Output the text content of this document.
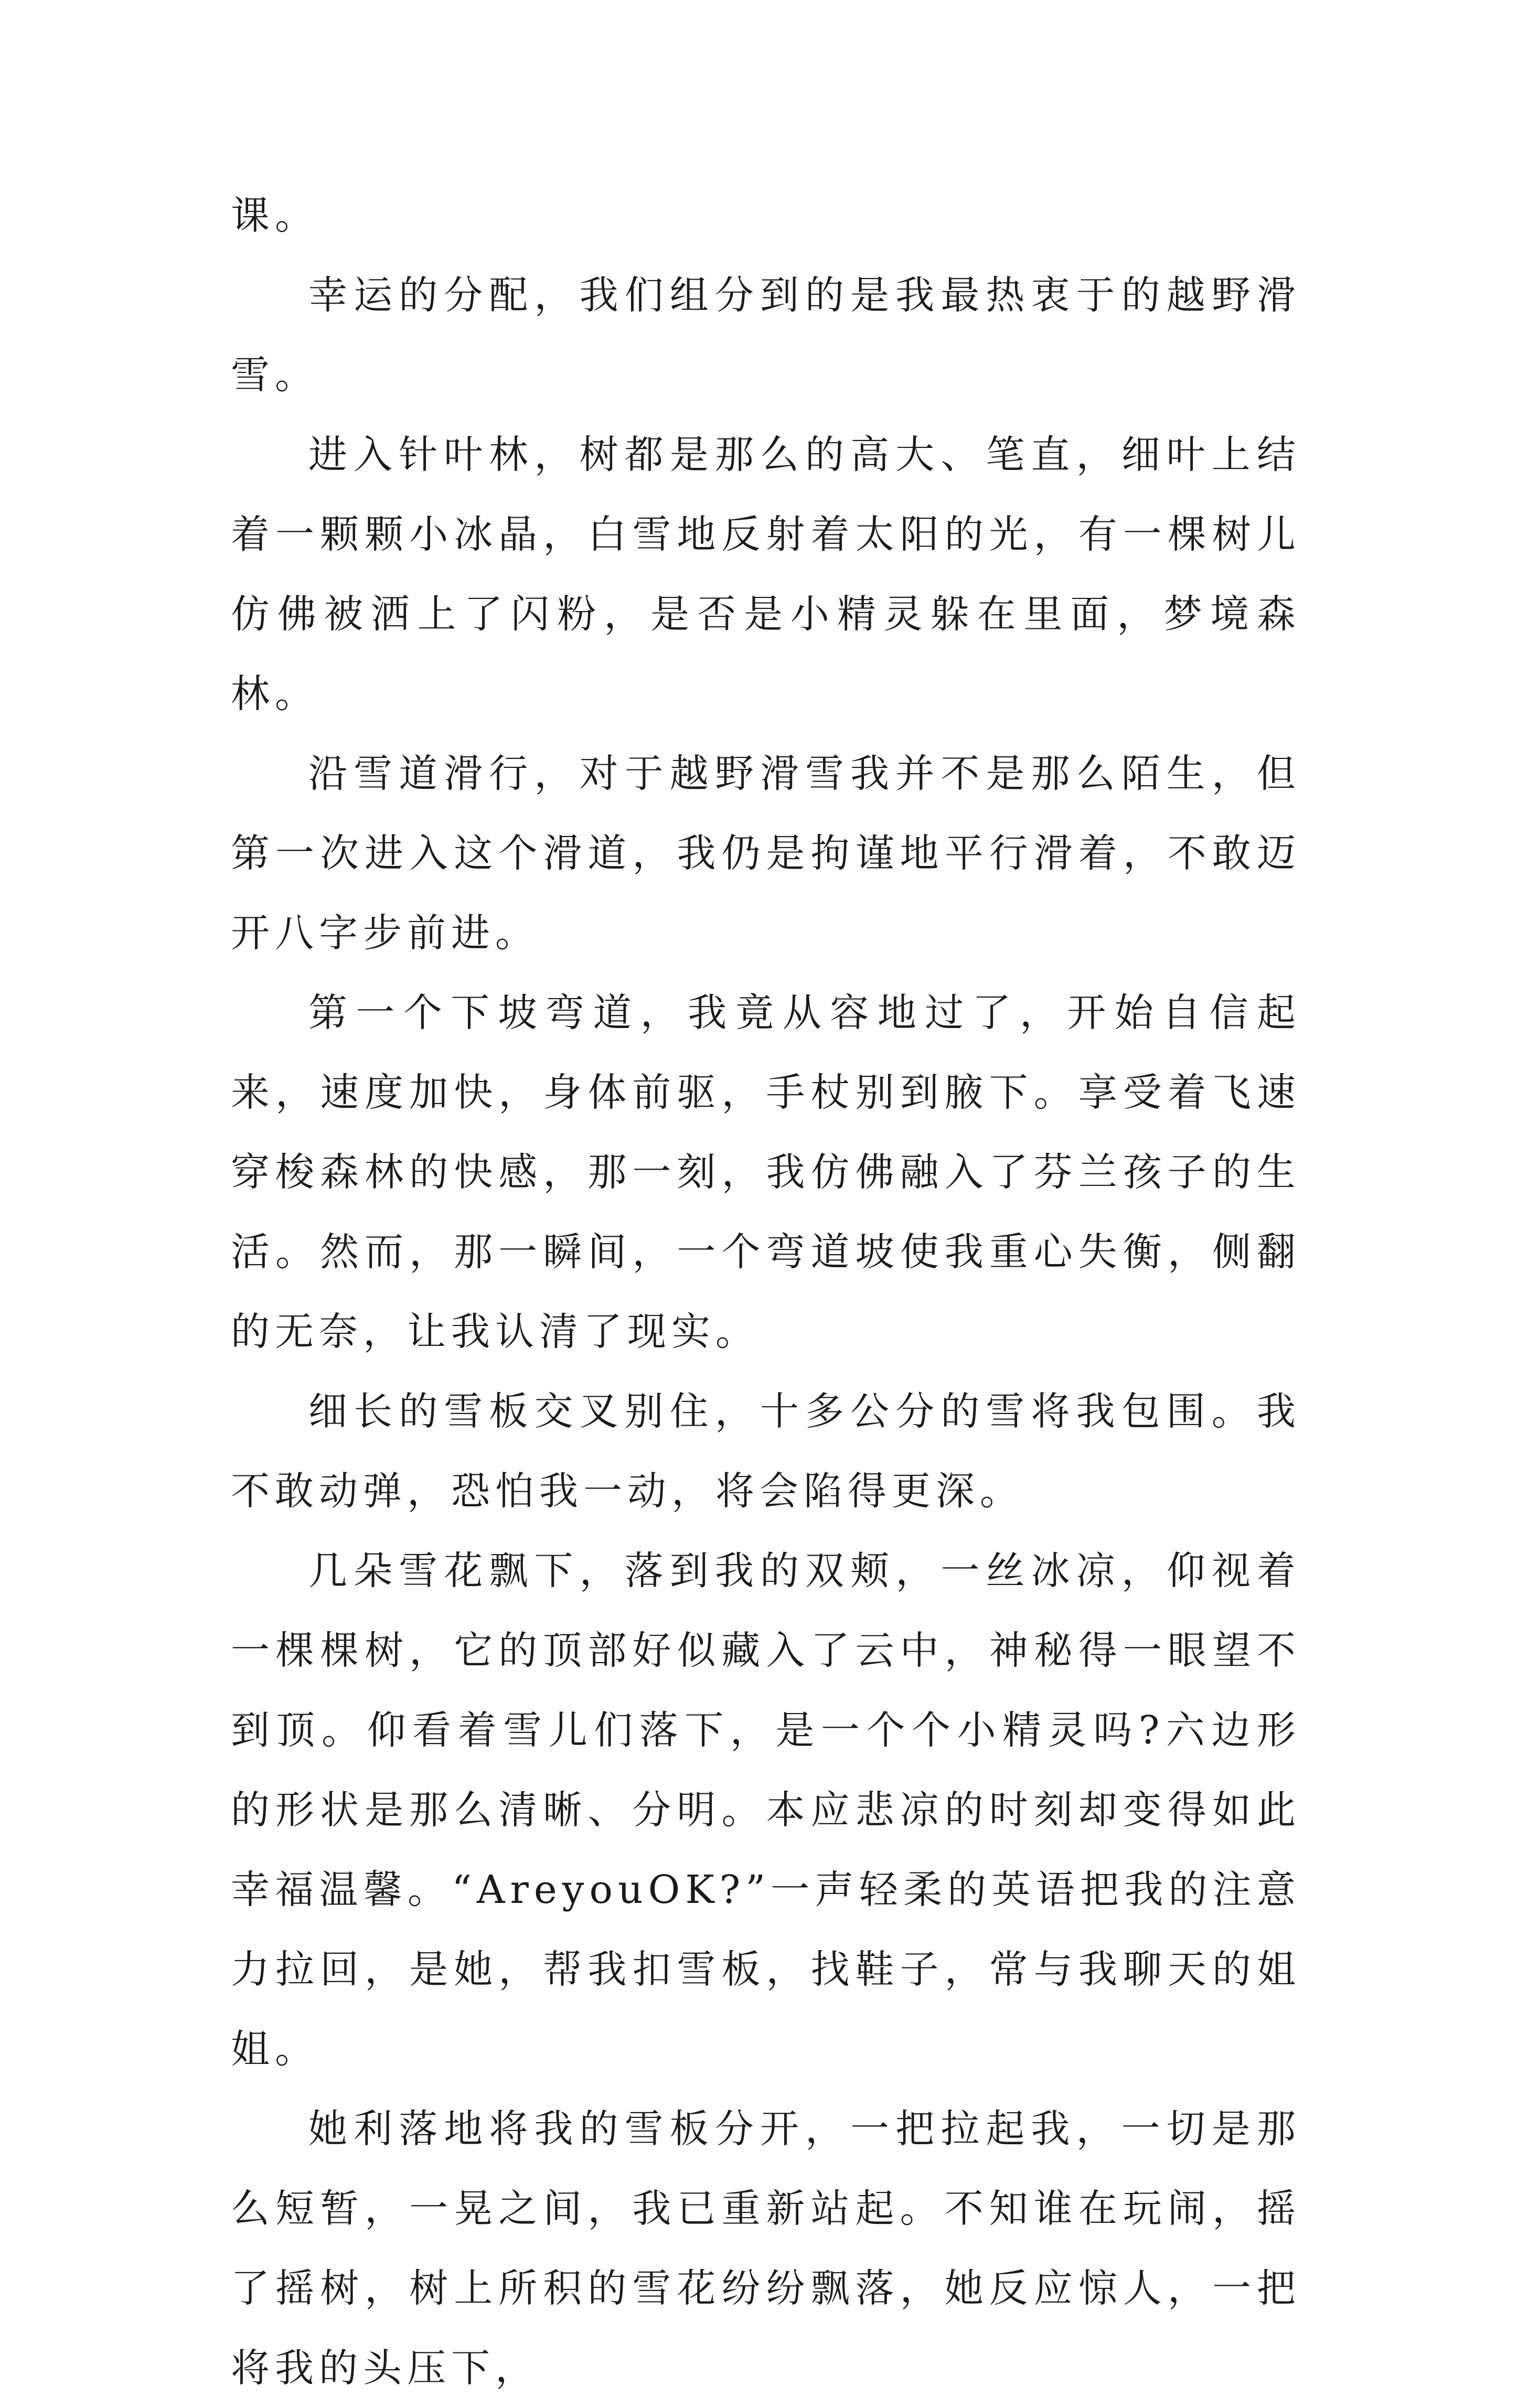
课。

幸运的分配，我们组分到的是我最热衷于的越野滑雪。

进入针叶林，树都是那么的高大、笔直，细叶上结着一颗颗小冰晶，白雪地反射着太阳的光，有一棵树儿仿佛被洒上了闪粉，是否是小精灵躲在里面，梦境森林。

沿雪道滑行，对于越野滑雪我并不是那么陌生，但第一次进入这个滑道，我仍是拘谨地平行滑着，不敢迈开八字步前进。

第一个下坡弯道，我竟从容地过了，开始自信起来，速度加快，身体前驱，手杖别到腋下。享受着飞速穿梭森林的快感，那一刻，我仿佛融入了芬兰孩子的生活。然而，那一瞬间，一个弯道坡使我重心失衡，侧翻的无奈，让我认清了现实。

细长的雪板交叉别住，十多公分的雪将我包围。我不敢动弹，恐怕我一动，将会陷得更深。

几朵雪花飘下，落到我的双颊，一丝冰凉，仰视着一棵棵树，它的顶部好似藏入了云中，神秘得一眼望不到顶。仰看着雪儿们落下，是一个个小精灵吗?六边形的形状是那么清晰、分明。本应悲凉的时刻却变得如此幸福温馨。“AreyouOK?”一声轻柔的英语把我的注意力拉回，是她，帮我扣雪板，找鞋子，常与我聊天的姐姐。

她利落地将我的雪板分开，一把拉起我，一切是那么短暂，一晃之间，我已重新站起。不知谁在玩闹，摇了摇树，树上所积的雪花纷纷飘落，她反应惊人，一把将我的头压下，
